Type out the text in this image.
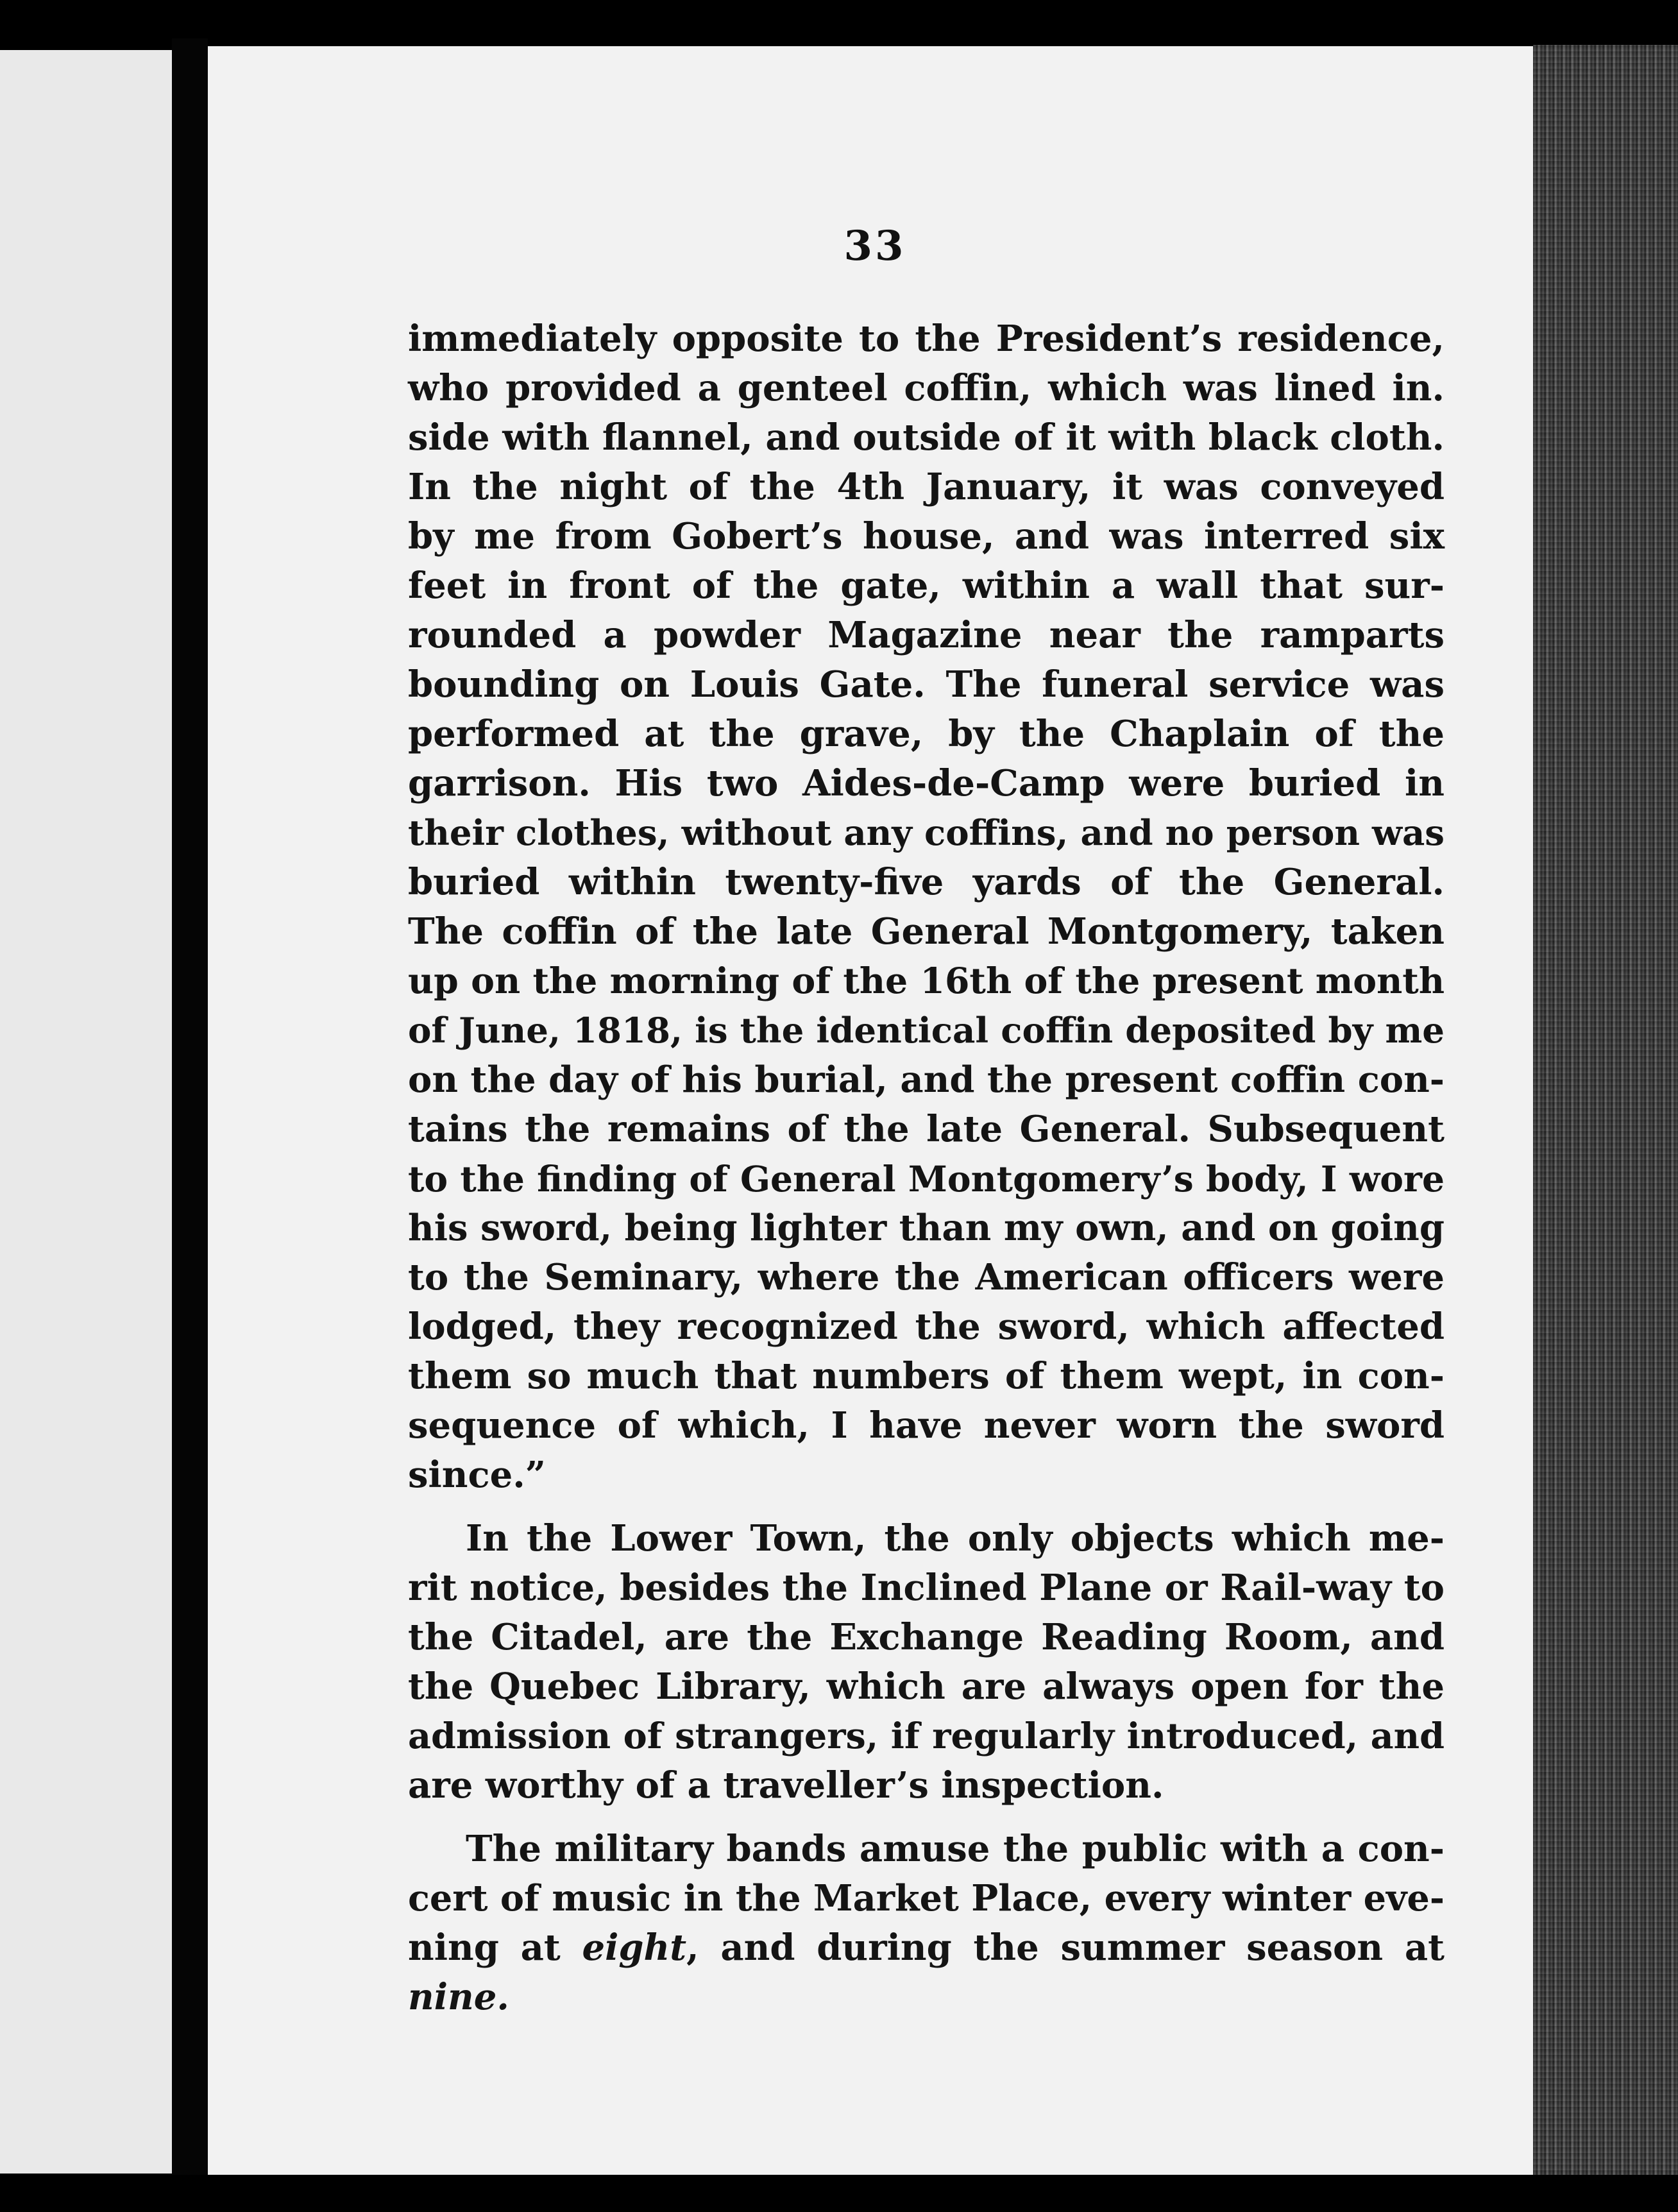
33
immediately opposite to the President’s residence,
who provided a genteel coffin, which was lined in.
side with flannel, and outside of it with black cloth.
In the night of the 4th January, it was conveyed
by me from Gobert’s house, and was interred six
feet in front of the gate, within a wall that sur-
rounded a powder Magazine near the ramparts
bounding on Louis Gate. The funeral service was
performed at the grave, by the Chaplain of the
garrison. His two Aides-de-Camp were buried in
their clothes, without any coffins, and no person was
buried within twenty-five yards of the General.
The coffin of the late General Montgomery, taken
up on the morning of the 16th of the present month
of June, 1818, is the identical coffin deposited by me
on the day of his burial, and the present coffin con-
tains the remains of the late General. Subsequent
to the finding of General Montgomery’s body, I wore
his sword, being lighter than my own, and on going
to the Seminary, where the American officers were
lodged, they recognized the sword, which affected
them so much that numbers of them wept, in con-
sequence of which, I have never worn the sword
since.”
In the Lower Town, the only objects which me-
rit notice, besides the Inclined Plane or Rail-way to
the Citadel, are the Exchange Reading Room, and
the Quebec Library, which are always open for the
admission of strangers, if regularly introduced, and
are worthy of a traveller’s inspection.
The military bands amuse the public with a con-
cert of music in the Market Place, every winter eve-
ning at eight, and during the summer season at
nine.
